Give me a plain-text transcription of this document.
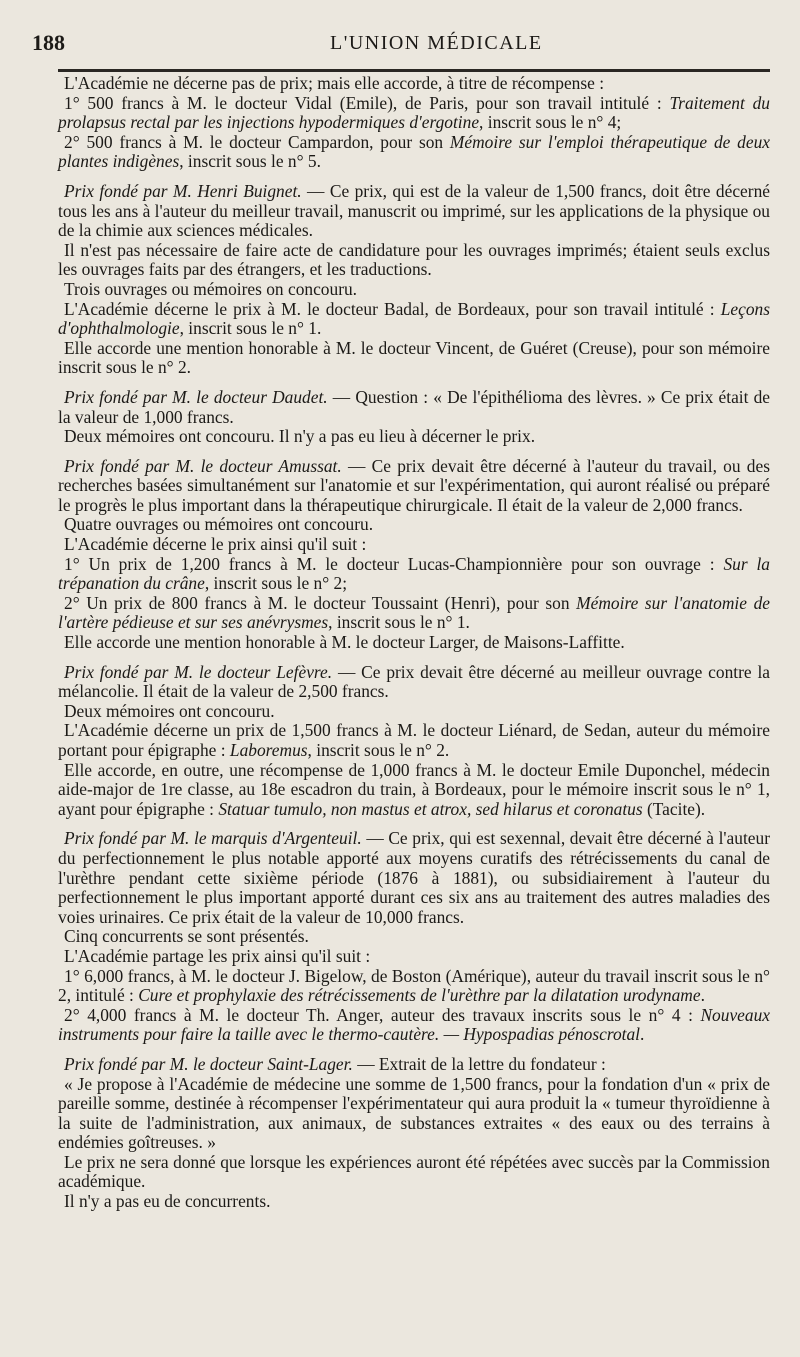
188	L'UNION MÉDICALE

L'Académie ne décerne pas de prix; mais elle accorde, à titre de récompense :

1° 500 francs à M. le docteur Vidal (Emile), de Paris, pour son travail intitulé : Traitement du prolapsus rectal par les injections hypodermiques d'ergotine, inscrit sous le n° 4;

2° 500 francs à M. le docteur Campardon, pour son Mémoire sur l'emploi thérapeutique de deux plantes indigènes, inscrit sous le n° 5.

Prix fondé par M. Henri Buignet. — Ce prix, qui est de la valeur de 1,500 francs, doit être décerné tous les ans à l'auteur du meilleur travail, manuscrit ou imprimé, sur les applications de la physique ou de la chimie aux sciences médicales.

Il n'est pas nécessaire de faire acte de candidature pour les ouvrages imprimés; étaient seuls exclus les ouvrages faits par des étrangers, et les traductions.

Trois ouvrages ou mémoires on concouru.

L'Académie décerne le prix à M. le docteur Badal, de Bordeaux, pour son travail intitulé : Leçons d'ophthalmologie, inscrit sous le n° 1.

Elle accorde une mention honorable à M. le docteur Vincent, de Guéret (Creuse), pour son mémoire inscrit sous le n° 2.

Prix fondé par M. le docteur Daudet. — Question : « De l'épithélioma des lèvres. » Ce prix était de la valeur de 1,000 francs.

Deux mémoires ont concouru. Il n'y a pas eu lieu à décerner le prix.

Prix fondé par M. le docteur Amussat. — Ce prix devait être décerné à l'auteur du travail, ou des recherches basées simultanément sur l'anatomie et sur l'expérimentation, qui auront réalisé ou préparé le progrès le plus important dans la thérapeutique chirurgicale. Il était de la valeur de 2,000 francs.

Quatre ouvrages ou mémoires ont concouru.

L'Académie décerne le prix ainsi qu'il suit :

1° Un prix de 1,200 francs à M. le docteur Lucas-Championnière pour son ouvrage : Sur la trépanation du crâne, inscrit sous le n° 2;

2° Un prix de 800 francs à M. le docteur Toussaint (Henri), pour son Mémoire sur l'anatomie de l'artère pédieuse et sur ses anévrysmes, inscrit sous le n° 1.

Elle accorde une mention honorable à M. le docteur Larger, de Maisons-Laffitte.

Prix fondé par M. le docteur Lefèvre. — Ce prix devait être décerné au meilleur ouvrage contre la mélancolie. Il était de la valeur de 2,500 francs.

Deux mémoires ont concouru.

L'Académie décerne un prix de 1,500 francs à M. le docteur Liénard, de Sedan, auteur du mémoire portant pour épigraphe : Laboremus, inscrit sous le n° 2.

Elle accorde, en outre, une récompense de 1,000 francs à M. le docteur Emile Duponchel, médecin aide-major de 1re classe, au 18e escadron du train, à Bordeaux, pour le mémoire inscrit sous le n° 1, ayant pour épigraphe : Statuar tumulo, non mastus et atrox, sed hilarus et coronatus (Tacite).

Prix fondé par M. le marquis d'Argenteuil. — Ce prix, qui est sexennal, devait être décerné à l'auteur du perfectionnement le plus notable apporté aux moyens curatifs des rétrécissements du canal de l'urèthre pendant cette sixième période (1876 à 1881), ou subsidiairement à l'auteur du perfectionnement le plus important apporté durant ces six ans au traitement des autres maladies des voies urinaires. Ce prix était de la valeur de 10,000 francs.

Cinq concurrents se sont présentés.

L'Académie partage les prix ainsi qu'il suit :

1° 6,000 francs, à M. le docteur J. Bigelow, de Boston (Amérique), auteur du travail inscrit sous le n° 2, intitulé : Cure et prophylaxie des rétrécissements de l'urèthre par la dilatation urodyname.

2° 4,000 francs à M. le docteur Th. Anger, auteur des travaux inscrits sous le n° 4 : Nouveaux instruments pour faire la taille avec le thermo-cautère. — Hypospadias pénoscrotal.

Prix fondé par M. le docteur Saint-Lager. — Extrait de la lettre du fondateur :

« Je propose à l'Académie de médecine une somme de 1,500 francs, pour la fondation d'un « prix de pareille somme, destinée à récompenser l'expérimentateur qui aura produit la « tumeur thyroïdienne à la suite de l'administration, aux animaux, de substances extraites « des eaux ou des terrains à endémies goîtreuses. »

Le prix ne sera donné que lorsque les expériences auront été répétées avec succès par la Commission académique.

Il n'y a pas eu de concurrents.
